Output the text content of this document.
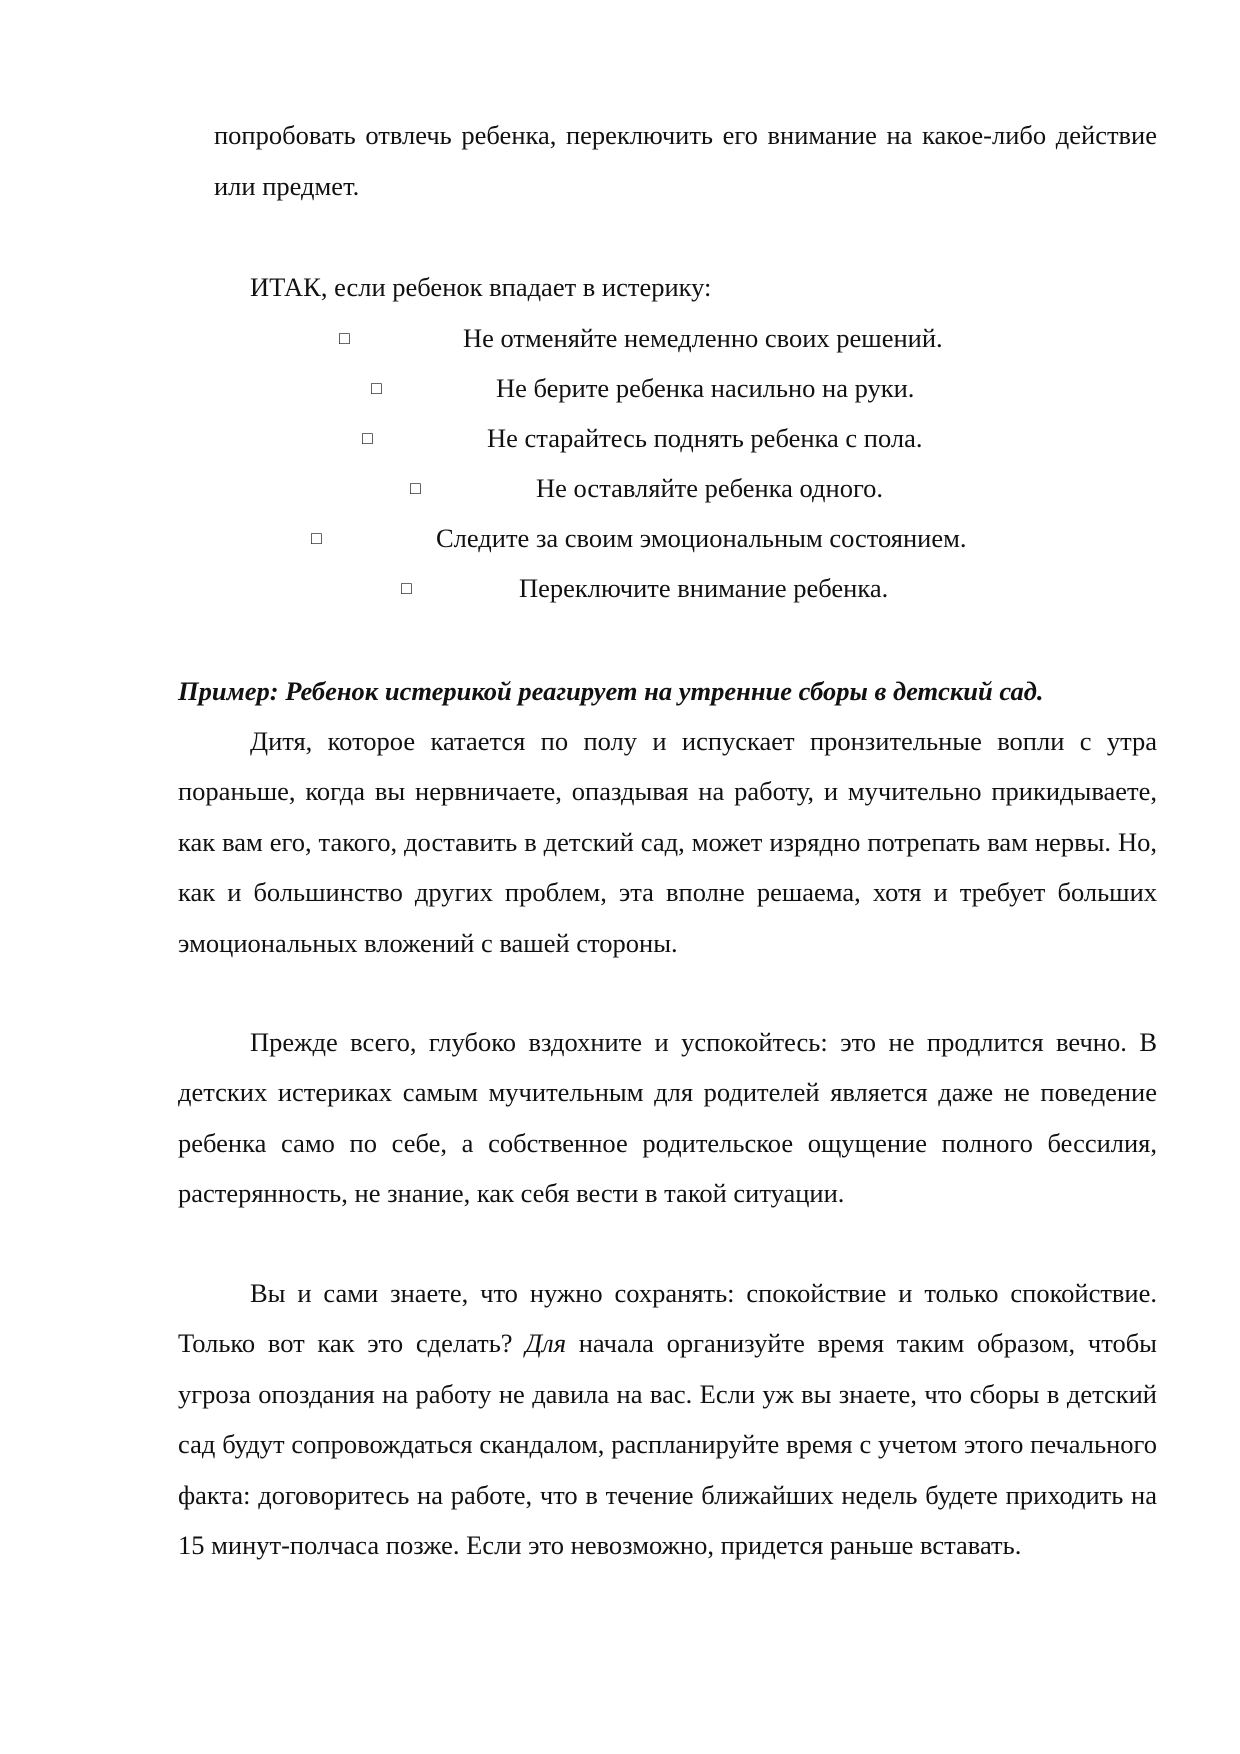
попробовать отвлечь ребенка, переключить его внимание на какое-либо действие или предмет.

ИТАК, если ребенок впадает в истерику:

□	Не отменяйте немедленно своих решений.
□	Не берите ребенка насильно на руки.
□	Не старайтесь поднять ребенка с пола.
□	Не оставляйте ребенка одного.
□	Следите за своим эмоциональным состоянием.
□	Переключите внимание ребенка.

Пример: Ребенок истерикой реагирует на утренние сборы в детский сад.

Дитя, которое катается по полу и испускает пронзительные вопли с утра пораньше, когда вы нервничаете, опаздывая на работу, и мучительно прикидываете, как вам его, такого, доставить в детский сад, может изрядно потрепать вам нервы. Но, как и большинство других проблем, эта вполне решаема, хотя и требует больших эмоциональных вложений с вашей стороны.

Прежде всего, глубоко вздохните и успокойтесь: это не продлится вечно. В детских истериках самым мучительным для родителей является даже не поведение ребенка само по себе, а собственное родительское ощущение полного бессилия, растерянность, не знание, как себя вести в такой ситуации.

Вы и сами знаете, что нужно сохранять: спокойствие и только спокойствие. Только вот как это сделать? Для начала организуйте время таким образом, чтобы угроза опоздания на работу не давила на вас. Если уж вы знаете, что сборы в детский сад будут сопровождаться скандалом, распланируйте время с учетом этого печального факта: договоритесь на работе, что в течение ближайших недель будете приходить на 15 минут-полчаса позже. Если это невозможно, придется раньше вставать.
